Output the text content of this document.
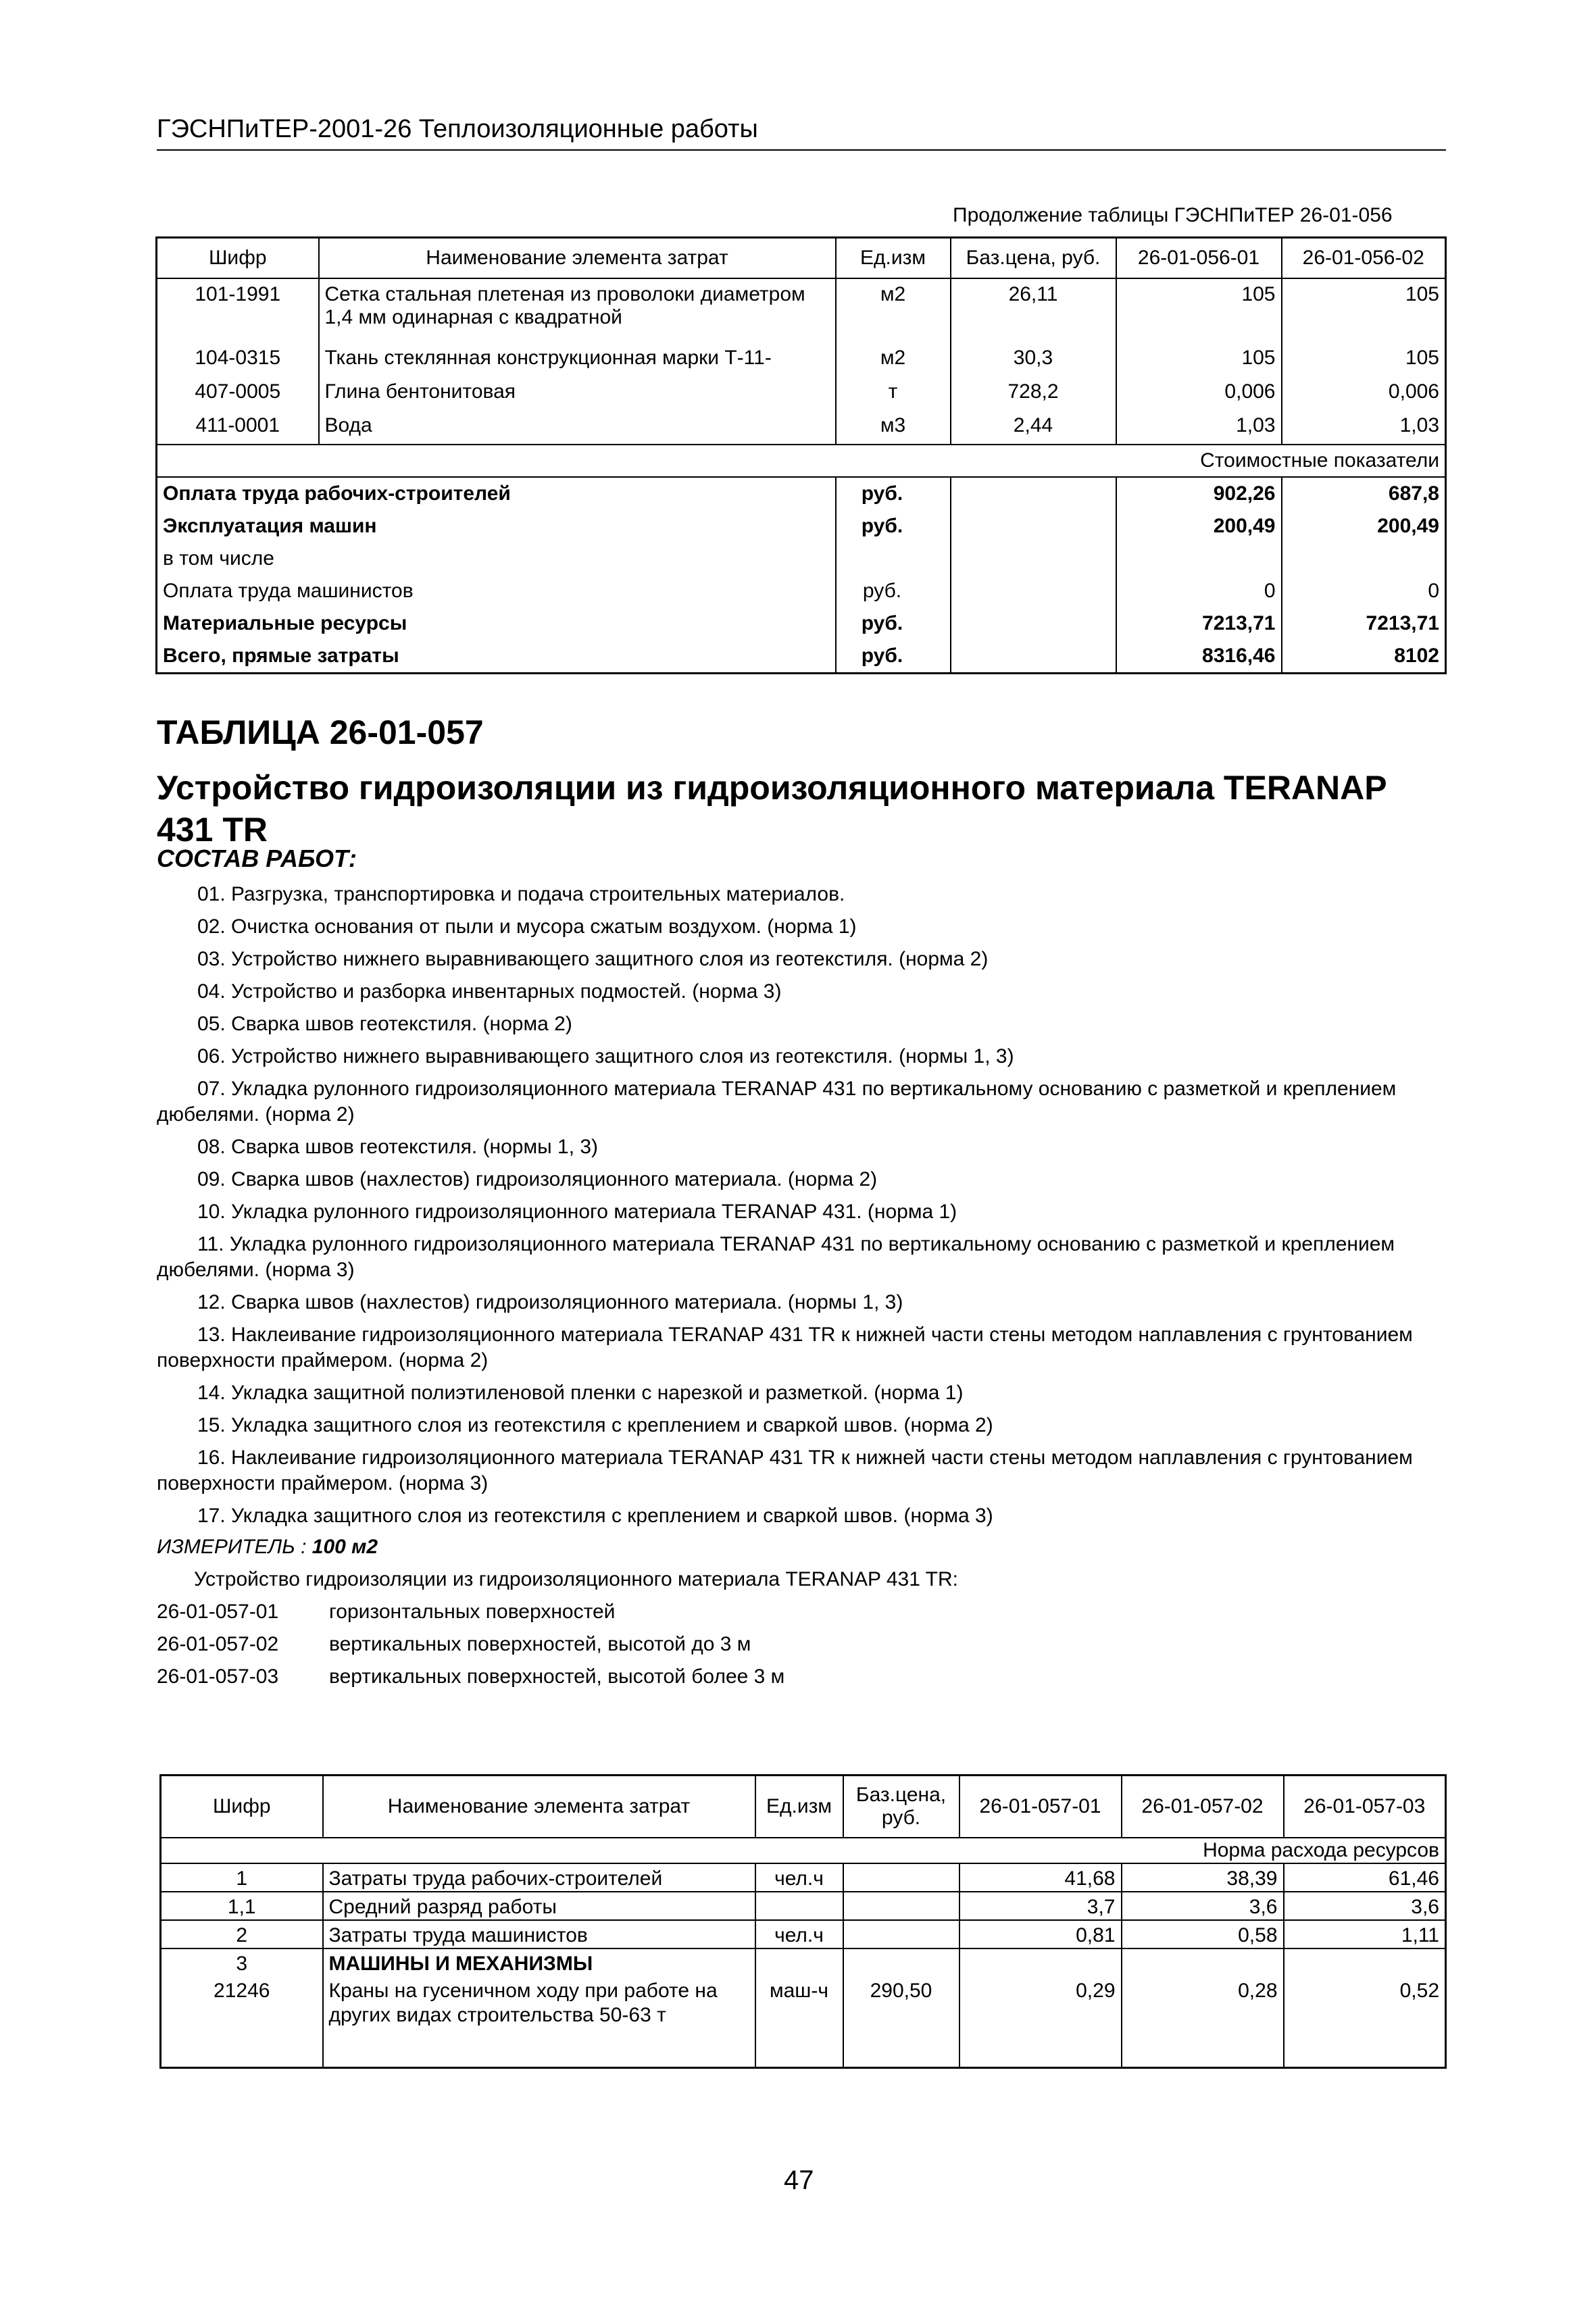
ГЭСНПиТЕР-2001-26 Теплоизоляционные работы
Продолжение таблицы ГЭСНПиТЕР 26-01-056
Шифр	Наименование элемента затрат	Ед.изм	Баз.цена, руб.	26-01-056-01	26-01-056-02
101-1991	Сетка стальная плетеная из проволоки диаметром 1,4 мм одинарная с квадратной	м2	26,11	105	105
104-0315	Ткань стеклянная конструкционная марки Т-11-	м2	30,3	105	105
407-0005	Глина бентонитовая	т	728,2	0,006	0,006
411-0001	Вода	м3	2,44	1,03	1,03
Стоимостные показатели					
Оплата труда рабочих-строителей		руб.		902,26	687,8
Эксплуатация машин		руб.		200,49	200,49
в том числе					
Оплата труда машинистов		руб.		0	0
Материальные ресурсы		руб.		7213,71	7213,71
Всего, прямые затраты		руб.		8316,46	8102
ТАБЛИЦА 26-01-057
Устройство гидроизоляции из гидроизоляционного материала TERANAP 431 TR
СОСТАВ РАБОТ:
01. Разгрузка, транспортировка и подача строительных материалов.
02. Очистка основания от пыли и мусора сжатым воздухом. (норма 1)
03. Устройство нижнего выравнивающего защитного слоя из геотекстиля. (норма 2)
04. Устройство и разборка инвентарных подмостей. (норма 3)
05. Сварка швов геотекстиля. (норма 2)
06. Устройство нижнего выравнивающего защитного слоя из геотекстиля. (нормы 1, 3)
07. Укладка рулонного гидроизоляционного материала TERANAP 431 по вертикальному основанию с разметкой и креплением дюбелями. (норма 2)
08. Сварка швов геотекстиля. (нормы 1, 3)
09. Сварка швов (нахлестов) гидроизоляционного материала. (норма 2)
10. Укладка рулонного гидроизоляционного материала TERANAP 431. (норма 1)
11. Укладка рулонного гидроизоляционного материала TERANAP 431 по вертикальному основанию с разметкой и креплением дюбелями. (норма 3)
12. Сварка швов (нахлестов) гидроизоляционного материала. (нормы 1, 3)
13. Наклеивание гидроизоляционного материала TERANAP 431 TR к нижней части стены методом наплавления с грунтованием поверхности праймером. (норма 2)
14. Укладка защитной полиэтиленовой пленки с нарезкой и разметкой. (норма 1)
15. Укладка защитного слоя из геотекстиля с креплением и сваркой швов. (норма 2)
16. Наклеивание гидроизоляционного материала TERANAP 431 TR к нижней части стены методом наплавления с грунтованием поверхности праймером. (норма 3)
17. Укладка защитного слоя из геотекстиля с креплением и сваркой швов. (норма 3)
ИЗМЕРИТЕЛЬ : 100 м2
Устройство гидроизоляции из гидроизоляционного материала TERANAP 431 TR:
26-01-057-01	горизонтальных поверхностей
26-01-057-02	вертикальных поверхностей, высотой до 3 м
26-01-057-03	вертикальных поверхностей, высотой более 3 м
Шифр	Наименование элемента затрат	Ед.изм	Баз.цена, руб.	26-01-057-01	26-01-057-02	26-01-057-03
Норма расхода ресурсов						
1	Затраты труда рабочих-строителей	чел.ч		41,68	38,39	61,46
1,1	Средний разряд работы			3,7	3,6	3,6
2	Затраты труда машинистов	чел.ч		0,81	0,58	1,11
3	МАШИНЫ И МЕХАНИЗМЫ					
21246	Краны на гусеничном ходу при работе на других видах строительства 50-63 т	маш-ч	290,50	0,29	0,28	0,52
47
